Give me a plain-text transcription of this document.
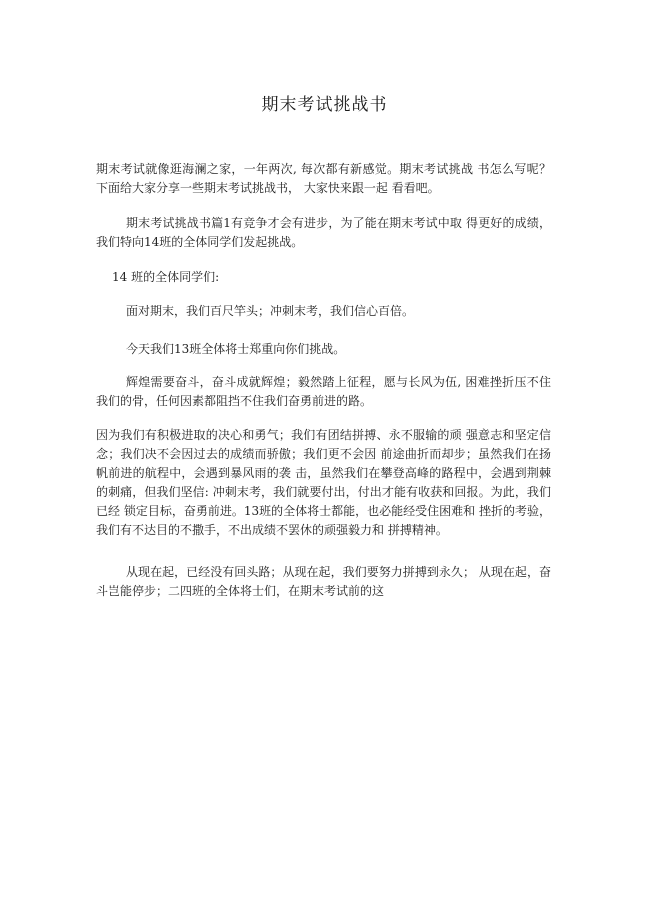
期末考试挑战书

期末考试就像逛海澜之家，一年两次, 每次都有新感觉。期末考试挑战 书怎么写呢？下面给大家分享一些期末考试挑战书， 大家快来跟一起 看看吧。

期末考试挑战书篇1有竞争才会有进步，为了能在期末考试中取 得更好的成绩，我们特向14班的全体同学们发起挑战。

14 班的全体同学们:

面对期末，我们百尺竿头；冲刺末考，我们信心百倍。

今天我们13班全体将士郑重向你们挑战。

辉煌需要奋斗，奋斗成就辉煌；毅然踏上征程，愿与长风为伍, 困难挫折压不住我们的骨，任何因素都阻挡不住我们奋勇前进的路。

因为我们有积极进取的决心和勇气；我们有团结拼搏、永不服输的顽 强意志和坚定信念；我们决不会因过去的成绩而骄傲；我们更不会因 前途曲折而却步；虽然我们在扬帆前进的航程中，会遇到暴风雨的袭 击，虽然我们在攀登高峰的路程中，会遇到荆棘的刺痛，但我们坚信: 冲刺末考，我们就要付出，付出才能有收获和回报。为此，我们已经 锁定目标，奋勇前进。13班的全体将士都能，也必能经受住困难和 挫折的考验，我们有不达目的不撒手，不出成绩不罢休的顽强毅力和 拼搏精神。

从现在起，已经没有回头路；从现在起，我们要努力拼搏到永久； 从现在起，奋斗岂能停步；二四班的全体将士们，在期末考试前的这
